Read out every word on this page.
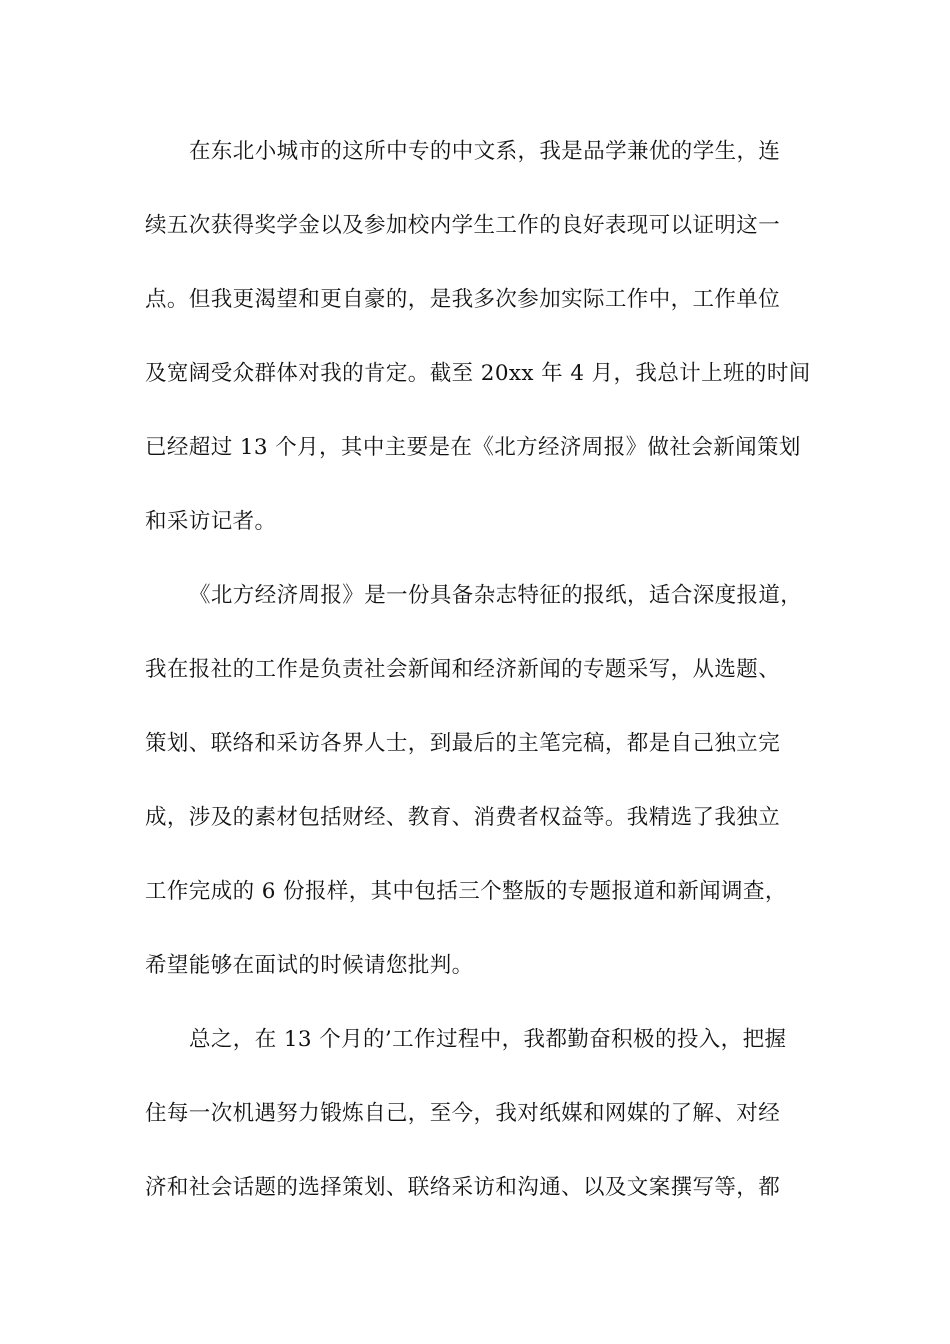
在东北小城市的这所中专的中文系，我是品学兼优的学生，连
续五次获得奖学金以及参加校内学生工作的良好表现可以证明这一
点。但我更渴望和更自豪的，是我多次参加实际工作中，工作单位
及宽阔受众群体对我的肯定。截至 20xx 年 4 月，我总计上班的时间
已经超过 13 个月，其中主要是在《北方经济周报》做社会新闻策划
和采访记者。
《北方经济周报》是一份具备杂志特征的报纸，适合深度报道，
我在报社的工作是负责社会新闻和经济新闻的专题采写，从选题、
策划、联络和采访各界人士，到最后的主笔完稿，都是自己独立完
成，涉及的素材包括财经、教育、消费者权益等。我精选了我独立
工作完成的 6 份报样，其中包括三个整版的专题报道和新闻调查，
希望能够在面试的时候请您批判。
总之，在 13 个月的’工作过程中，我都勤奋积极的投入，把握
住每一次机遇努力锻炼自己，至今，我对纸媒和网媒的了解、对经
济和社会话题的选择策划、联络采访和沟通、以及文案撰写等，都
